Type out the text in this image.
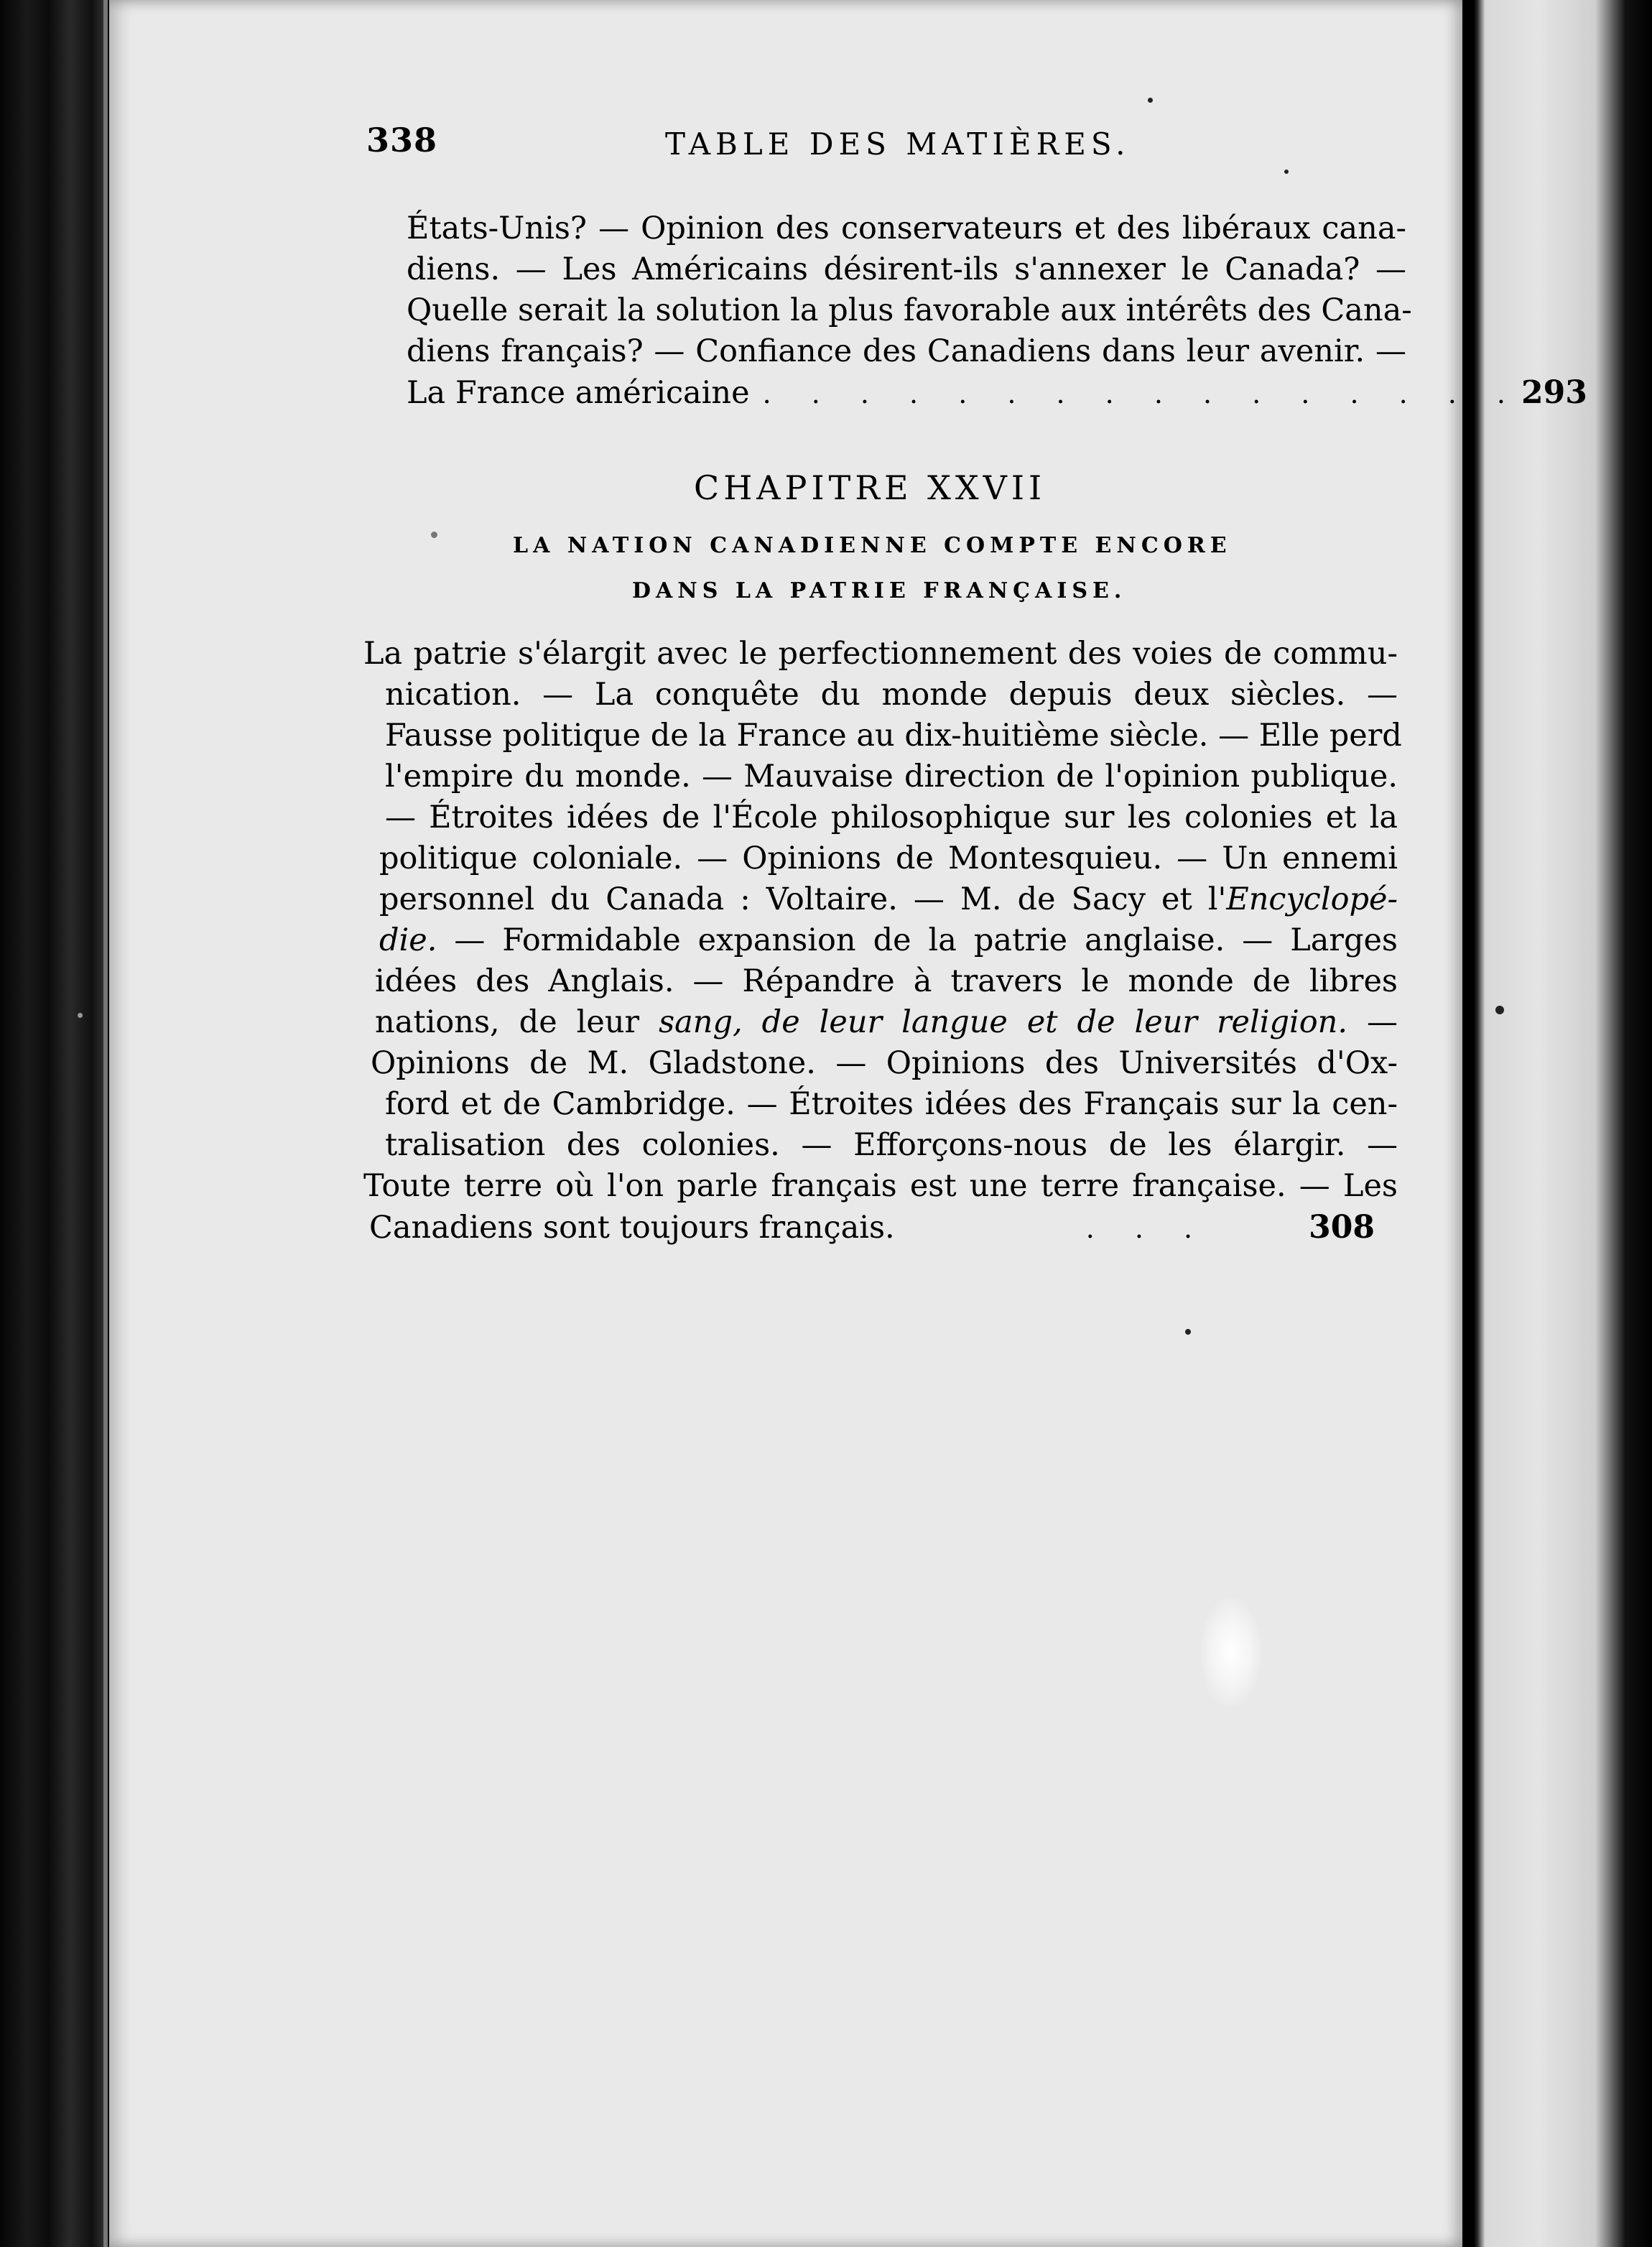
338	TABLE DES MATIÈRES.
États-Unis? — Opinion des conservateurs et des libéraux cana-
diens. — Les Américains désirent-ils s'annexer le Canada? —
Quelle serait la solution la plus favorable aux intérêts des Cana-
diens français? — Confiance des Canadiens dans leur avenir. —
La France américaine . . . . . . . . . . . . . . . . 293
CHAPITRE XXVII
LA NATION CANADIENNE COMPTE ENCORE
DANS LA PATRIE FRANÇAISE.
La patrie s'élargit avec le perfectionnement des voies de commu-
nication. — La conquête du monde depuis deux siècles. —
Fausse politique de la France au dix-huitième siècle. — Elle perd
l'empire du monde. — Mauvaise direction de l'opinion publique.
— Étroites idées de l'École philosophique sur les colonies et la
politique coloniale. — Opinions de Montesquieu. — Un ennemi
personnel du Canada : Voltaire. — M. de Sacy et l'Encyclopé-
die. — Formidable expansion de la patrie anglaise. — Larges
idées des Anglais. — Répandre à travers le monde de libres
nations, de leur sang, de leur langue et de leur religion. —
Opinions de M. Gladstone. — Opinions des Universités d'Ox-
ford et de Cambridge. — Étroites idées des Français sur la cen-
tralisation des colonies. — Efforçons-nous de les élargir. —
Toute terre où l'on parle français est une terre française. — Les
Canadiens sont toujours français.	. . .	308
